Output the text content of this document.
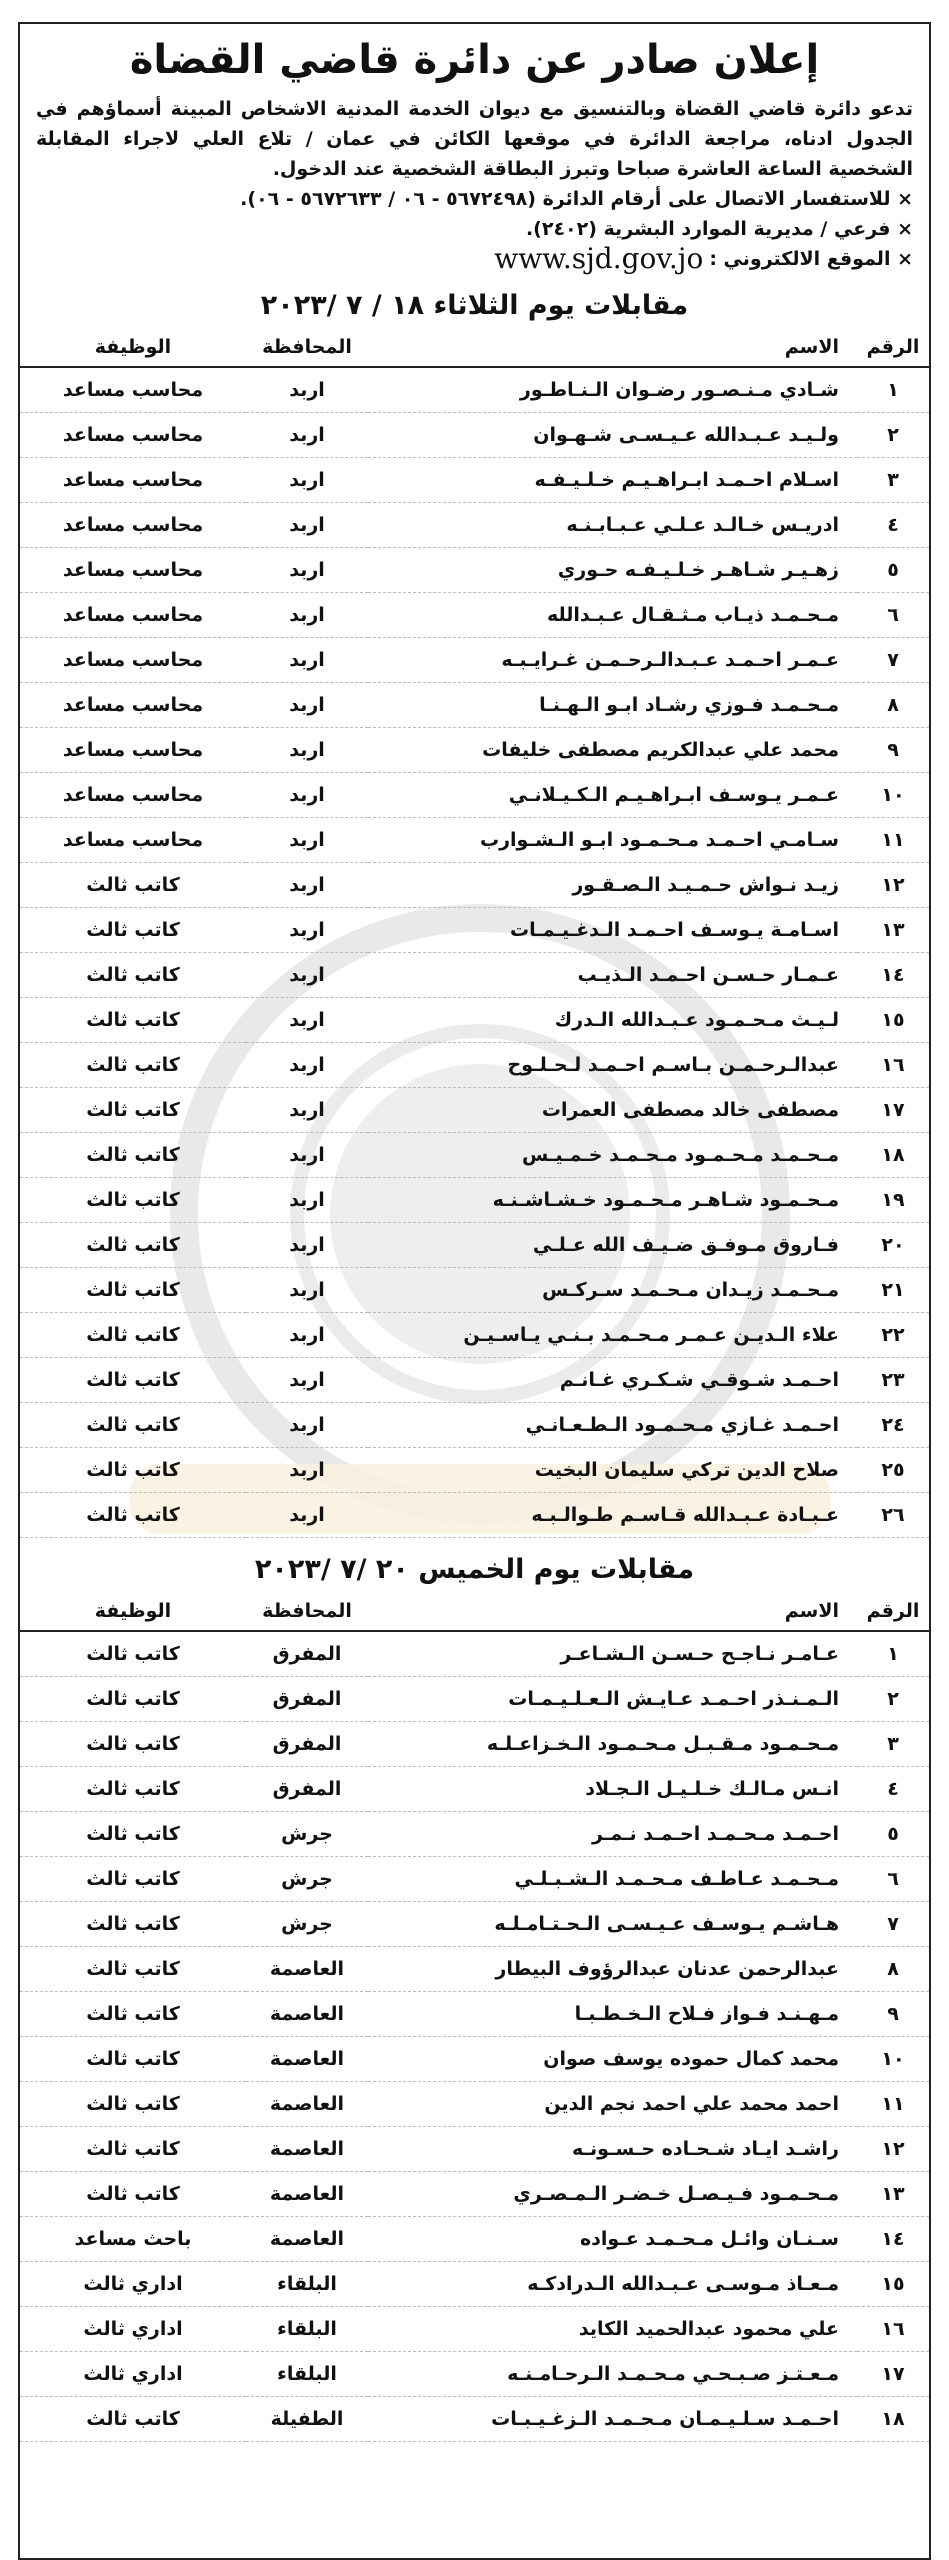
إعلان صادر عن دائرة قاضي القضاة
تدعو دائرة قاضي القضاة وبالتنسيق مع ديوان الخدمة المدنية الاشخاص المبينة أسماؤهم في الجدول ادناه، مراجعة الدائرة في موقعها الكائن في عمان / تلاع العلي لاجراء المقابلة الشخصية الساعة العاشرة صباحا وتبرز البطاقة الشخصية عند الدخول.
× للاستفسار الاتصال على أرقام الدائرة (٥٦٧٢٤٩٨ - ٠٦ / ٥٦٧٢٦٣٣ - ٠٦).
× فرعي / مديرية الموارد البشرية (٢٤٠٢).
× الموقع الالكتروني :
www.sjd.gov.jo
مقابلات يوم الثلاثاء ١٨ / ٧ /٢٠٢٣
الرقم	الاسم	المحافظة	الوظيفة
١	شـادي مـنـصـور رضـوان الـنـاطـور	اربد	محاسب مساعد
٢	ولـيـد عـبـدالله عـيـسـى شـهـوان	اربد	محاسب مساعد
٣	اسـلام احـمـد ابـراهـيـم خـلـيـفـه	اربد	محاسب مساعد
٤	ادريـس خـالـد عـلـي عـبـابـنـه	اربد	محاسب مساعد
٥	زهـيـر شـاهـر خـلـيـفـه حـوري	اربد	محاسب مساعد
٦	مـحـمـد ذيـاب مـثـقـال عـبـدالله	اربد	محاسب مساعد
٧	عـمـر احـمـد عـبـدالـرحـمـن غـرايـبـه	اربد	محاسب مساعد
٨	مـحـمـد فـوزي رشـاد ابـو الـهـنـا	اربد	محاسب مساعد
٩	محمد علي عبدالكريم مصطفى خليفات	اربد	محاسب مساعد
١٠	عـمـر يـوسـف ابـراهـيـم الـكـيـلانـي	اربد	محاسب مساعد
١١	سـامـي احـمـد مـحـمـود ابـو الـشـوارب	اربد	محاسب مساعد
١٢	زيـد نـواش حـمـيـد الـصـقـور	اربد	كاتب ثالث
١٣	اسـامـة يـوسـف احـمـد الـدغـيـمـات	اربد	كاتب ثالث
١٤	عـمـار حـسـن احـمـد الـذيـب	اربد	كاتب ثالث
١٥	لـيـث مـحـمـود عـبـدالله الـدرك	اربد	كاتب ثالث
١٦	عبدالـرحـمـن بـاسـم احـمـد لـحـلـوح	اربد	كاتب ثالث
١٧	مصطفى خالد مصطفى العمرات	اربد	كاتب ثالث
١٨	مـحـمـد مـحـمـود مـحـمـد خـمـيـس	اربد	كاتب ثالث
١٩	مـحـمـود شـاهـر مـحـمـود خـشـاشـنـه	اربد	كاتب ثالث
٢٠	فـاروق مـوفـق ضـيـف الله عـلـي	اربد	كاتب ثالث
٢١	مـحـمـد زيـدان مـحـمـد سـركـس	اربد	كاتب ثالث
٢٢	علاء الـديـن عـمـر مـحـمـد بـنـي يـاسـيـن	اربد	كاتب ثالث
٢٣	احـمـد شـوقـي شـكـري غـانـم	اربد	كاتب ثالث
٢٤	احـمـد غـازي مـحـمـود الـطـعـانـي	اربد	كاتب ثالث
٢٥	صلاح الدين تركي سليمان البخيت	اربد	كاتب ثالث
٢٦	عـبـادة عـبـدالله قـاسـم طـوالـبـه	اربد	كاتب ثالث
مقابلات يوم الخميس ٢٠ /٧ /٢٠٢٣
الرقم	الاسم	المحافظة	الوظيفة
١	عـامـر نـاجـح حـسـن الـشـاعـر	المفرق	كاتب ثالث
٢	الـمـنـذر احـمـد عـايـش الـعـلـيـمـات	المفرق	كاتب ثالث
٣	مـحـمـود مـقـبـل مـحـمـود الـخـزاعـلـه	المفرق	كاتب ثالث
٤	انـس مـالـك خـلـيـل الـجـلاد	المفرق	كاتب ثالث
٥	احـمـد مـحـمـد احـمـد نـمـر	جرش	كاتب ثالث
٦	مـحـمـد عـاطـف مـحـمـد الـشـبـلـي	جرش	كاتب ثالث
٧	هـاشـم يـوسـف عـيـسـى الـحـتـامـلـه	جرش	كاتب ثالث
٨	عبدالرحمن عدنان عبدالرؤوف البيطار	العاصمة	كاتب ثالث
٩	مـهـنـد فـواز فـلاح الـخـطـبـا	العاصمة	كاتب ثالث
١٠	محمد كمال حموده يوسف صوان	العاصمة	كاتب ثالث
١١	احمد محمد علي احمد نجم الدين	العاصمة	كاتب ثالث
١٢	راشـد ايـاد شـحـاده حـسـونـه	العاصمة	كاتب ثالث
١٣	مـحـمـود فـيـصـل خـضـر الـمـصـري	العاصمة	كاتب ثالث
١٤	سـنـان وائـل مـحـمـد عـواده	العاصمة	باحث مساعد
١٥	مـعـاذ مـوسـى عـبـدالله الـدرادكـه	البلقاء	اداري ثالث
١٦	علي محمود عبدالحميد الكايد	البلقاء	اداري ثالث
١٧	مـعـتـز صـبـحـي مـحـمـد الـرحـامـنـه	البلقاء	اداري ثالث
١٨	احـمـد سـلـيـمـان مـحـمـد الـزغـيـبـات	الطفيلة	كاتب ثالث
